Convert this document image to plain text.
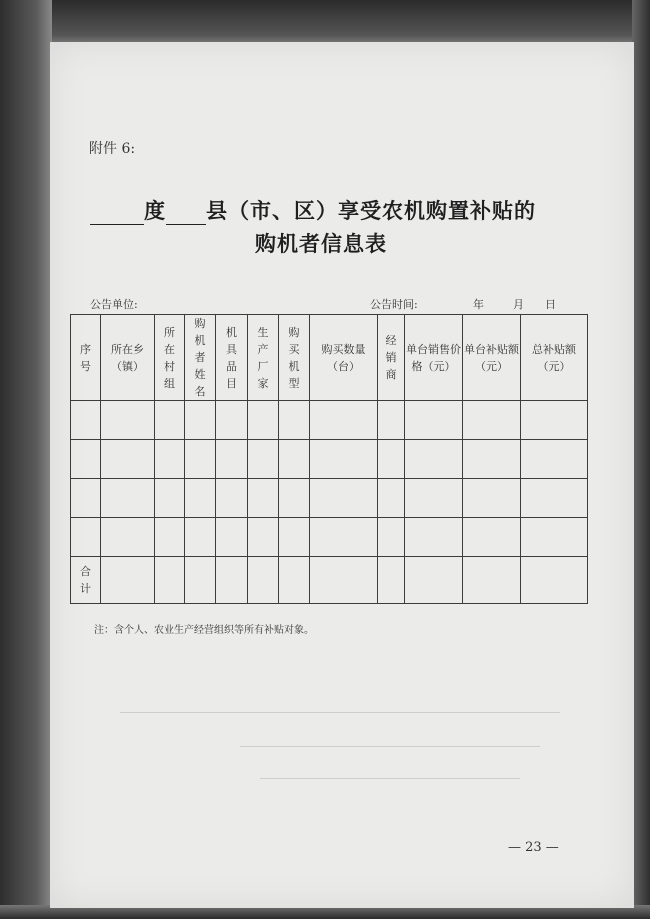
附件 6:
度 县（市、区）享受农机购置补贴的
购机者信息表
公告单位:	公告时间:	年	月 日
序号	所在乡（镇）	所在村组	购机者姓名	机具品目	生产厂家	购买机型	购买数量（台）	经销商	单台销售价格（元）	单台补贴额（元）	总补贴额（元）

合计											
注：含个人、农业生产经营组织等所有补贴对象。
— 23 —
